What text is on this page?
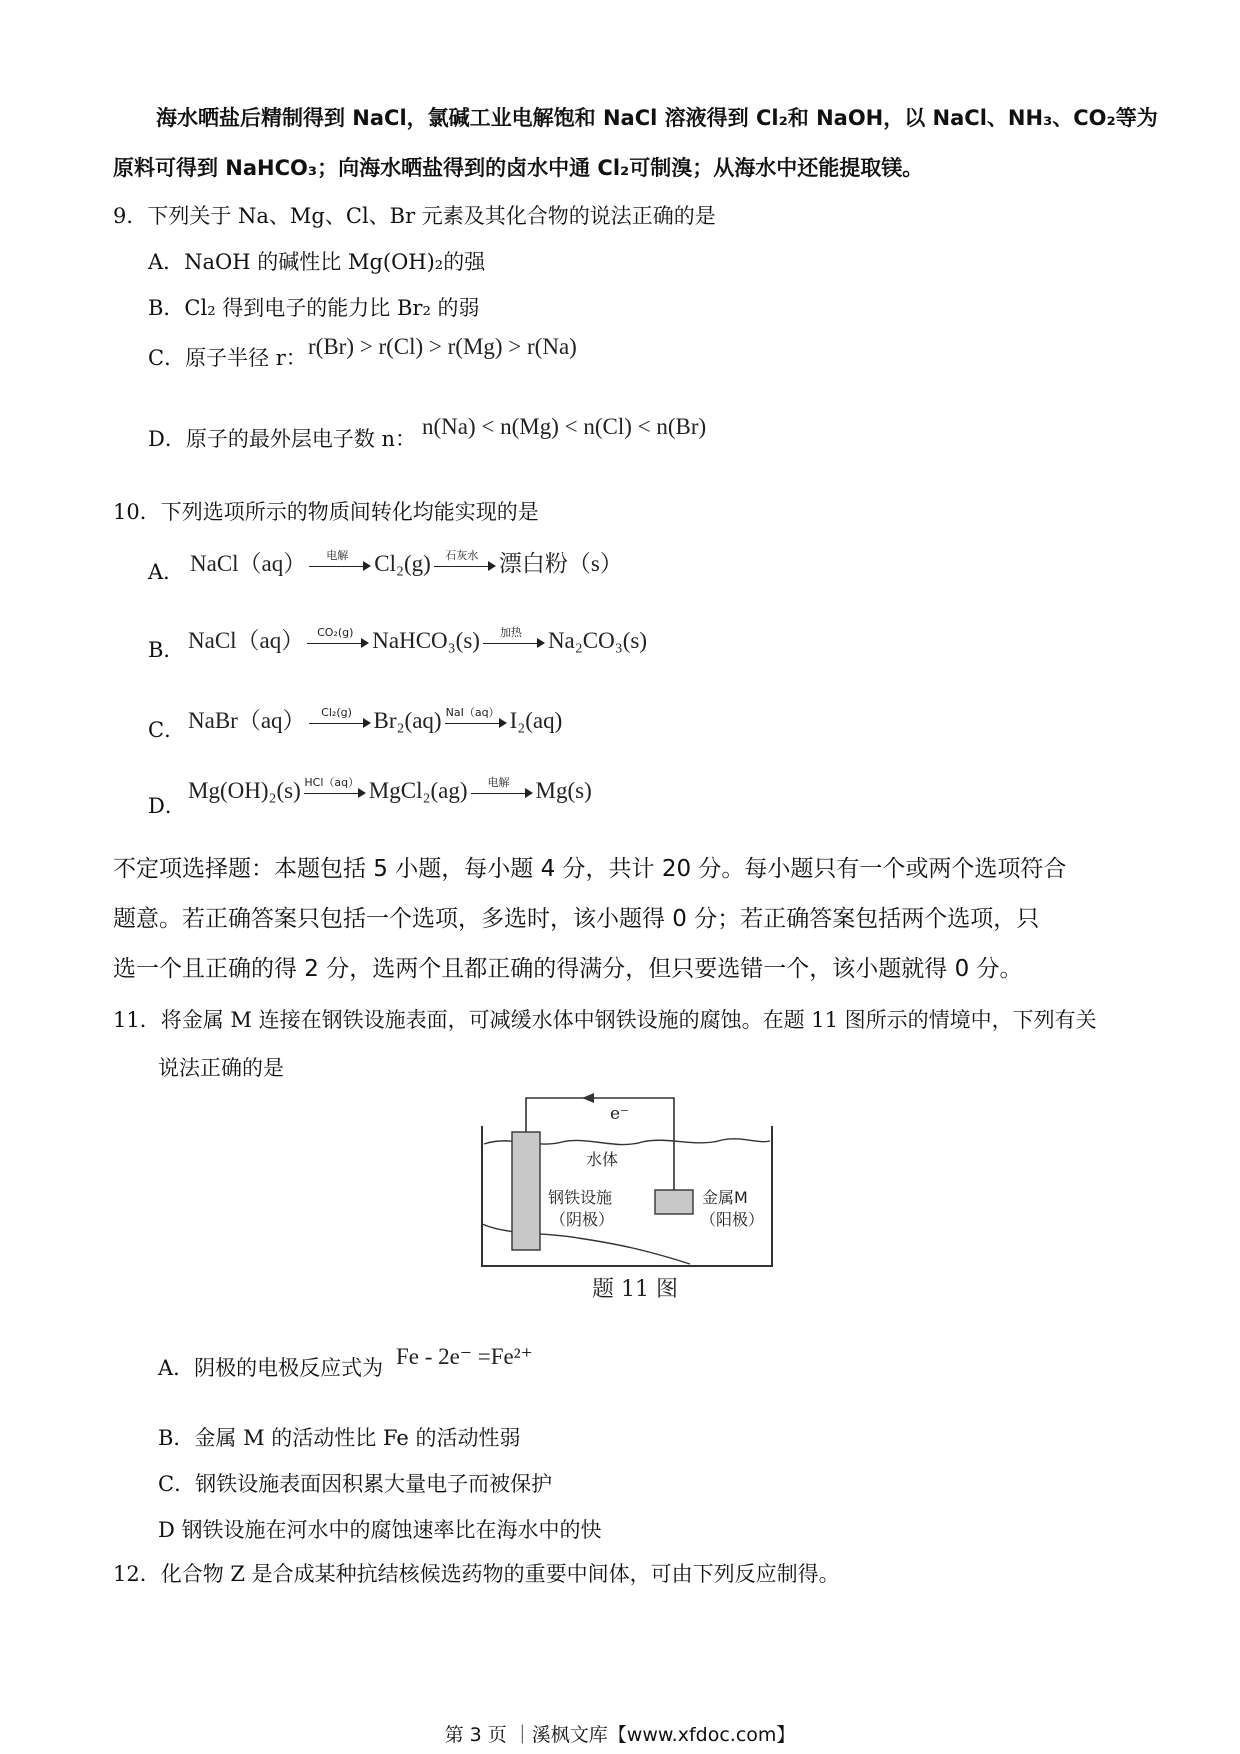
海水晒盐后精制得到 NaCl，氯碱工业电解饱和 NaCl 溶液得到 Cl₂和 NaOH，以 NaCl、NH₃、CO₂等为
原料可得到 NaHCO₃；向海水晒盐得到的卤水中通 Cl₂可制溴；从海水中还能提取镁。
9．下列关于 Na、Mg、Cl、Br 元素及其化合物的说法正确的是
A．NaOH 的碱性比 Mg(OH)₂的强
B．Cl₂ 得到电子的能力比 Br₂ 的弱
C．原子半径 r： r(Br) > r(Cl) > r(Mg) > r(Na)
D．原子的最外层电子数 n： n(Na) < n(Mg) < n(Cl) < n(Br)
10．下列选项所示的物质间转化均能实现的是
A． NaCl（aq）	电解	Cl₂(g)	石灰水 漂白粉（s）
B． NaCl（aq）	CO₂(g) NaHCO₃(s)	加热	Na₂CO₃(s)
C． NaBr（aq）	Cl₂(g) Br₂(aq) NaI（aq） I₂(aq)
D．
Mg(OH)₂(s) HCl（aq） MgCl₂(ag)	电解	Mg(s)
不定项选择题：本题包括 5 小题，每小题 4 分，共计 20 分。每小题只有一个或两个选项符合
题意。若正确答案只包括一个选项，多选时，该小题得 0 分；若正确答案包括两个选项，只
选一个且正确的得 2 分，选两个且都正确的得满分，但只要选错一个，该小题就得 0 分。
11．将金属 M 连接在钢铁设施表面，可减缓水体中钢铁设施的腐蚀。在题 11 图所示的情境中，下列有关
说法正确的是
e⁻
水体
钢铁设施
（阴极）
金属M
（阳极）
题 11 图
A．阴极的电极反应式为 Fe - 2e⁻ =Fe²⁺
B．金属 M 的活动性比 Fe 的活动性弱
C．钢铁设施表面因积累大量电子而被保护
D 钢铁设施在河水中的腐蚀速率比在海水中的快
12．化合物 Z 是合成某种抗结核候选药物的重要中间体，可由下列反应制得。
第 3 页 ｜溪枫文库【www.xfdoc.com】
